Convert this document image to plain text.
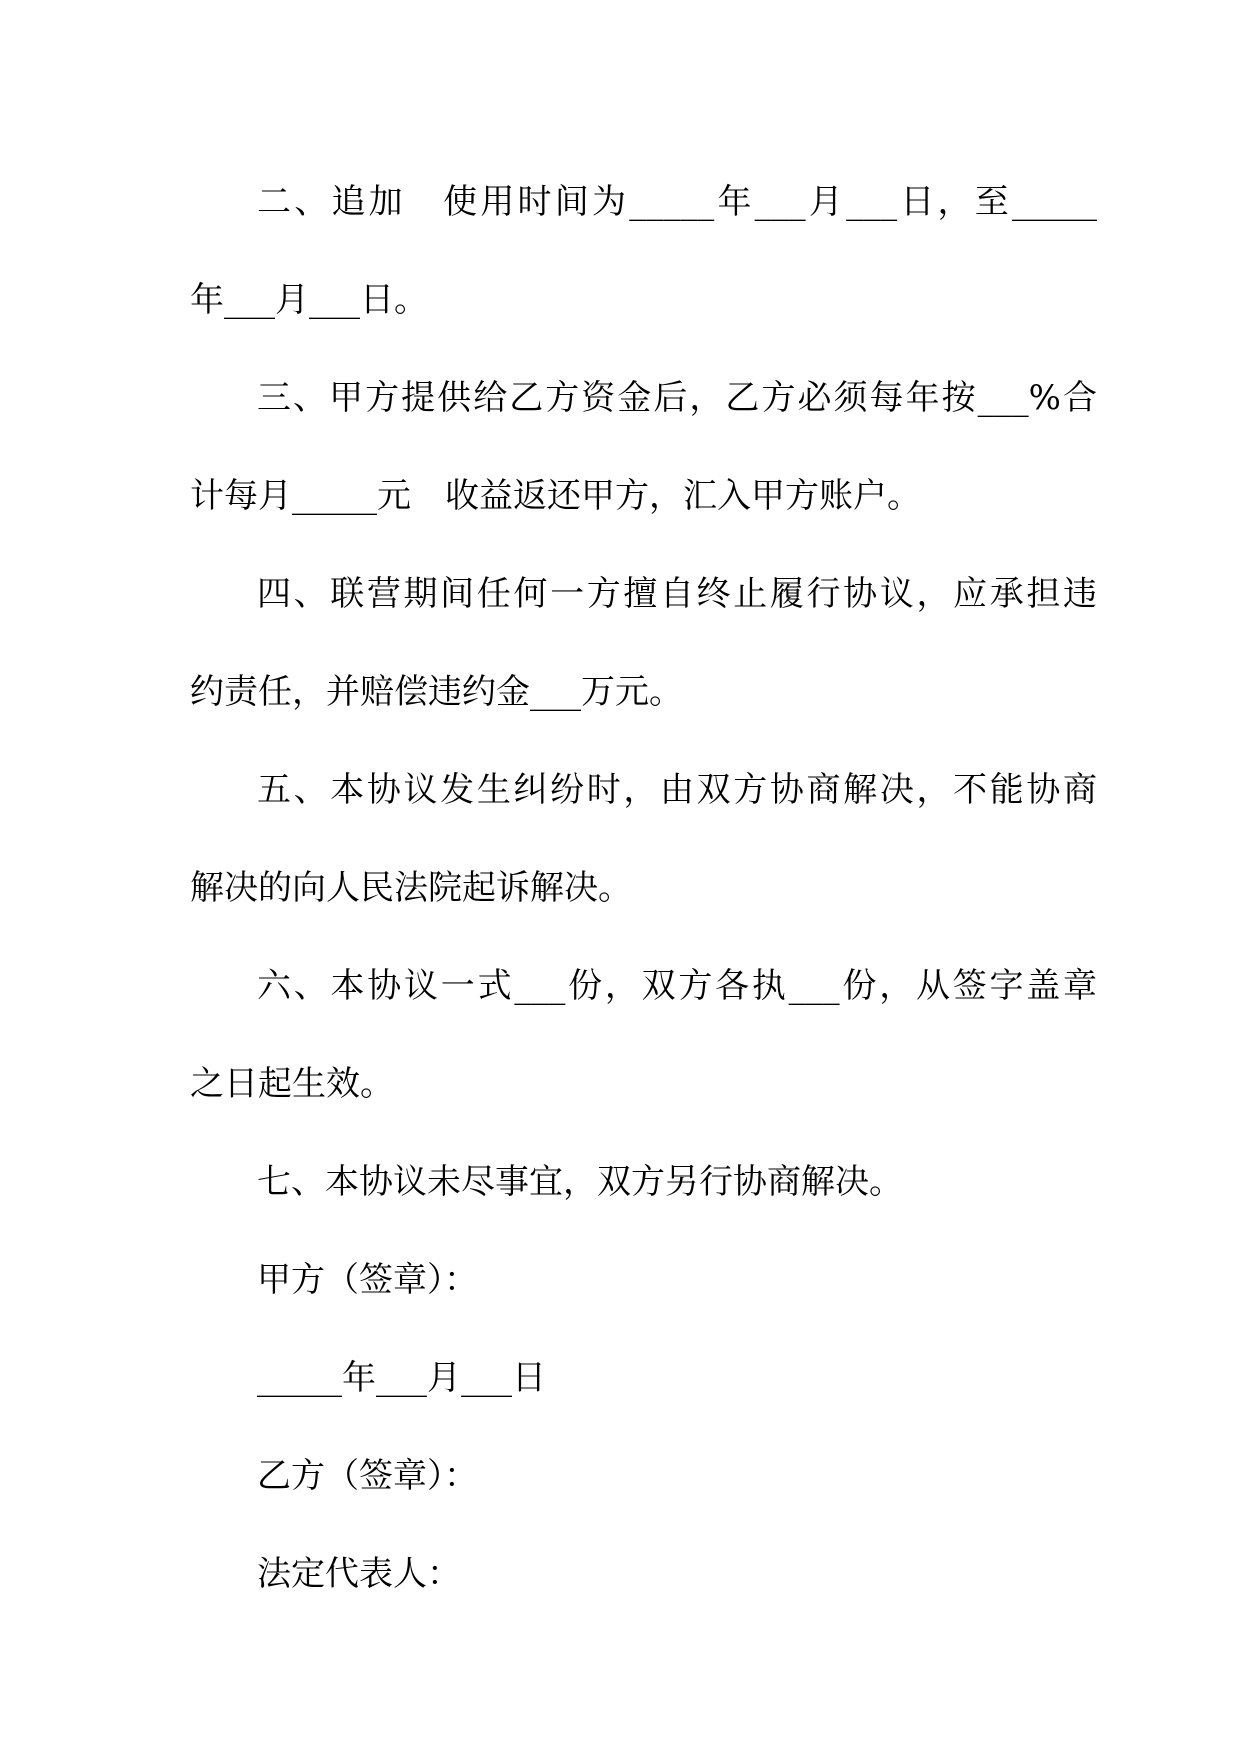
二、追加　使用时间为_____年___月___日，至_____
年___月___日。
三、甲方提供给乙方资金后，乙方必须每年按___%合
计每月_____元　收益返还甲方，汇入甲方账户。
四、联营期间任何一方擅自终止履行协议，应承担违
约责任，并赔偿违约金___万元。
五、本协议发生纠纷时，由双方协商解决，不能协商
解决的向人民法院起诉解决。
六、本协议一式___份，双方各执___份，从签字盖章
之日起生效。
七、本协议未尽事宜，双方另行协商解决。
甲方（签章）：
_____年___月___日
乙方（签章）：
法定代表人：
